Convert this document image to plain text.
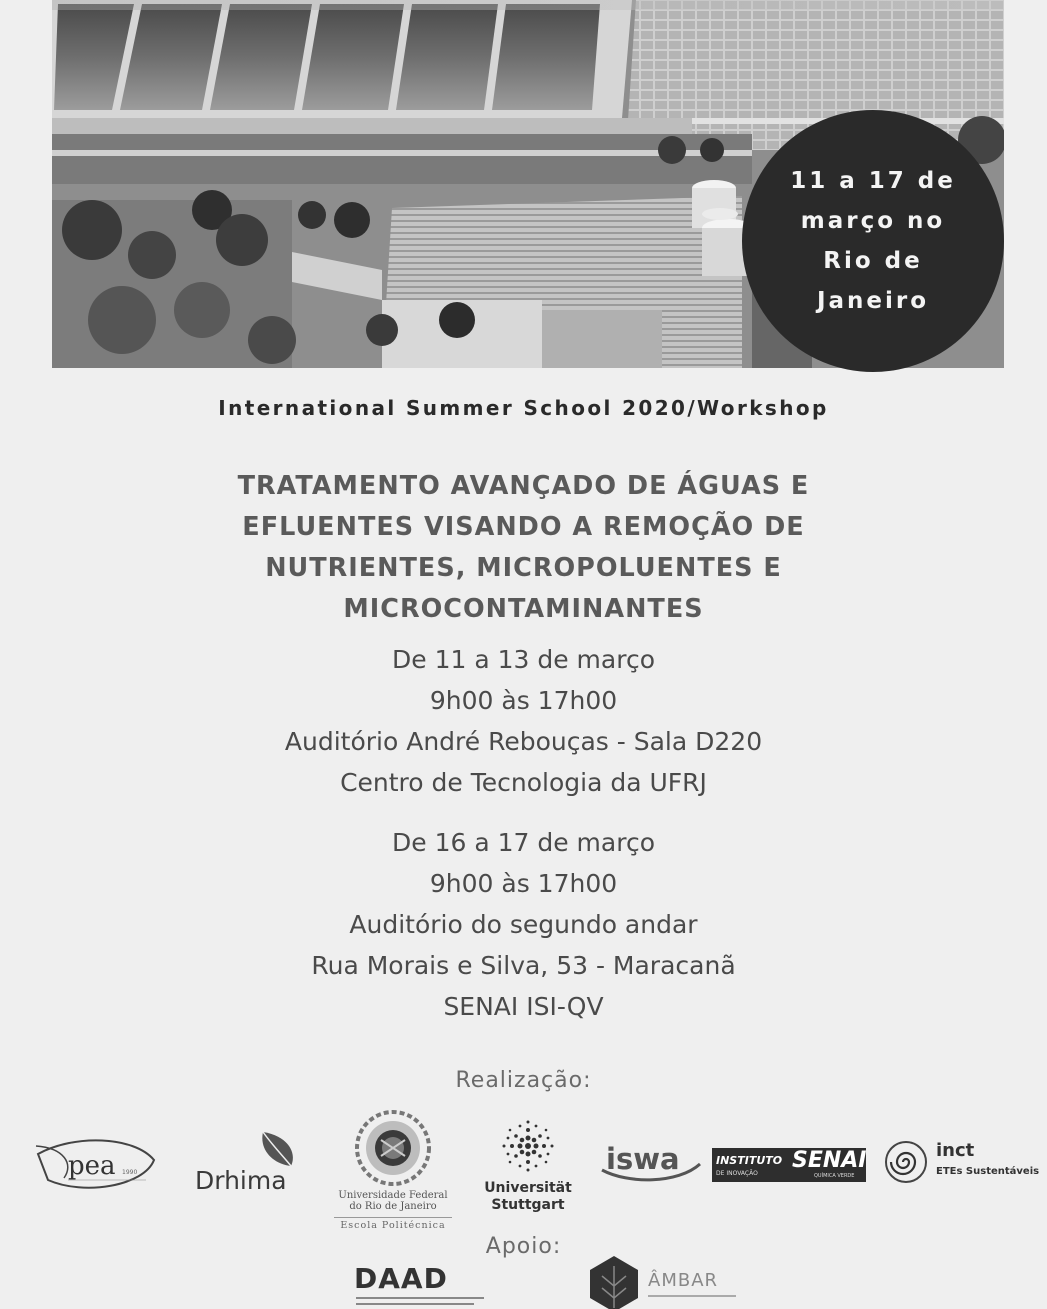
11 a 17 de
março no
Rio de
Janeiro
International Summer School 2020/Workshop
TRATAMENTO AVANÇADO DE ÁGUAS E
EFLUENTES VISANDO A REMOÇÃO DE
NUTRIENTES, MICROPOLUENTES E
MICROCONTAMINANTES
De 11 a 13 de março
9h00 às 17h00
Auditório André Rebouças - Sala D220
Centro de Tecnologia da UFRJ
De 16 a 17 de março
9h00 às 17h00
Auditório do segundo andar
Rua Morais e Silva, 53 - Maracanã
SENAI ISI-QV
Realização:
pea 1990 Drhima
Universidade Federal
do Rio de Janeiro
Escola Politécnica
Universität
Stuttgart
iswa	INSTITUTO SENAI
DE INOVAÇÃO	QUÍMICA VERDE
inct
ETEs Sustentáveis
Apoio:
DAAD	ÂMBAR
